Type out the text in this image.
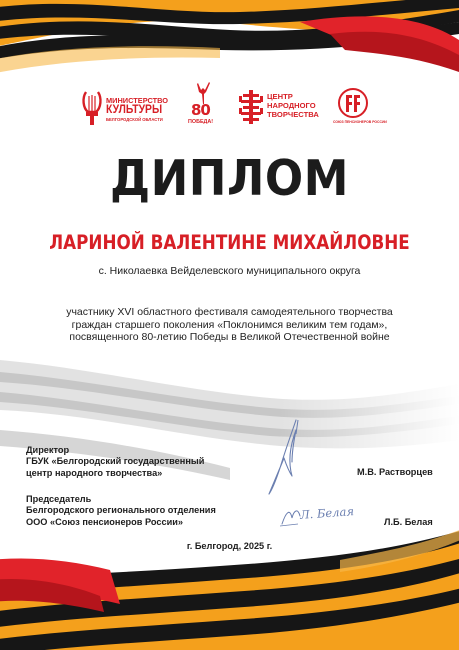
МИНИСТЕРСТВО
КУЛЬТУРЫ
БЕЛГОРОДСКОЙ ОБЛАСТИ
80
ПОБЕДА!
ЦЕНТР
НАРОДНОГО
ТВОРЧЕСТВА
СОЮЗ ПЕНСИОНЕРОВ РОССИИ
ДИПЛОМ
ЛАРИНОЙ ВАЛЕНТИНЕ МИХАЙЛОВНЕ
с. Николаевка Вейделевского муниципального округа
участнику XVI областного фестиваля самодеятельного творчества
граждан старшего поколения «Поклонимся великим тем годам»,
посвященного 80-летию Победы в Великой Отечественной войне
Директор
ГБУК «Белгородский государственный
центр народного творчества»	М.В. Растворцев
Председатель
Белгородского регионального отделения
ООО «Союз пенсионеров России»	Л. Белая
Л.Б. Белая
г. Белгород, 2025 г.
